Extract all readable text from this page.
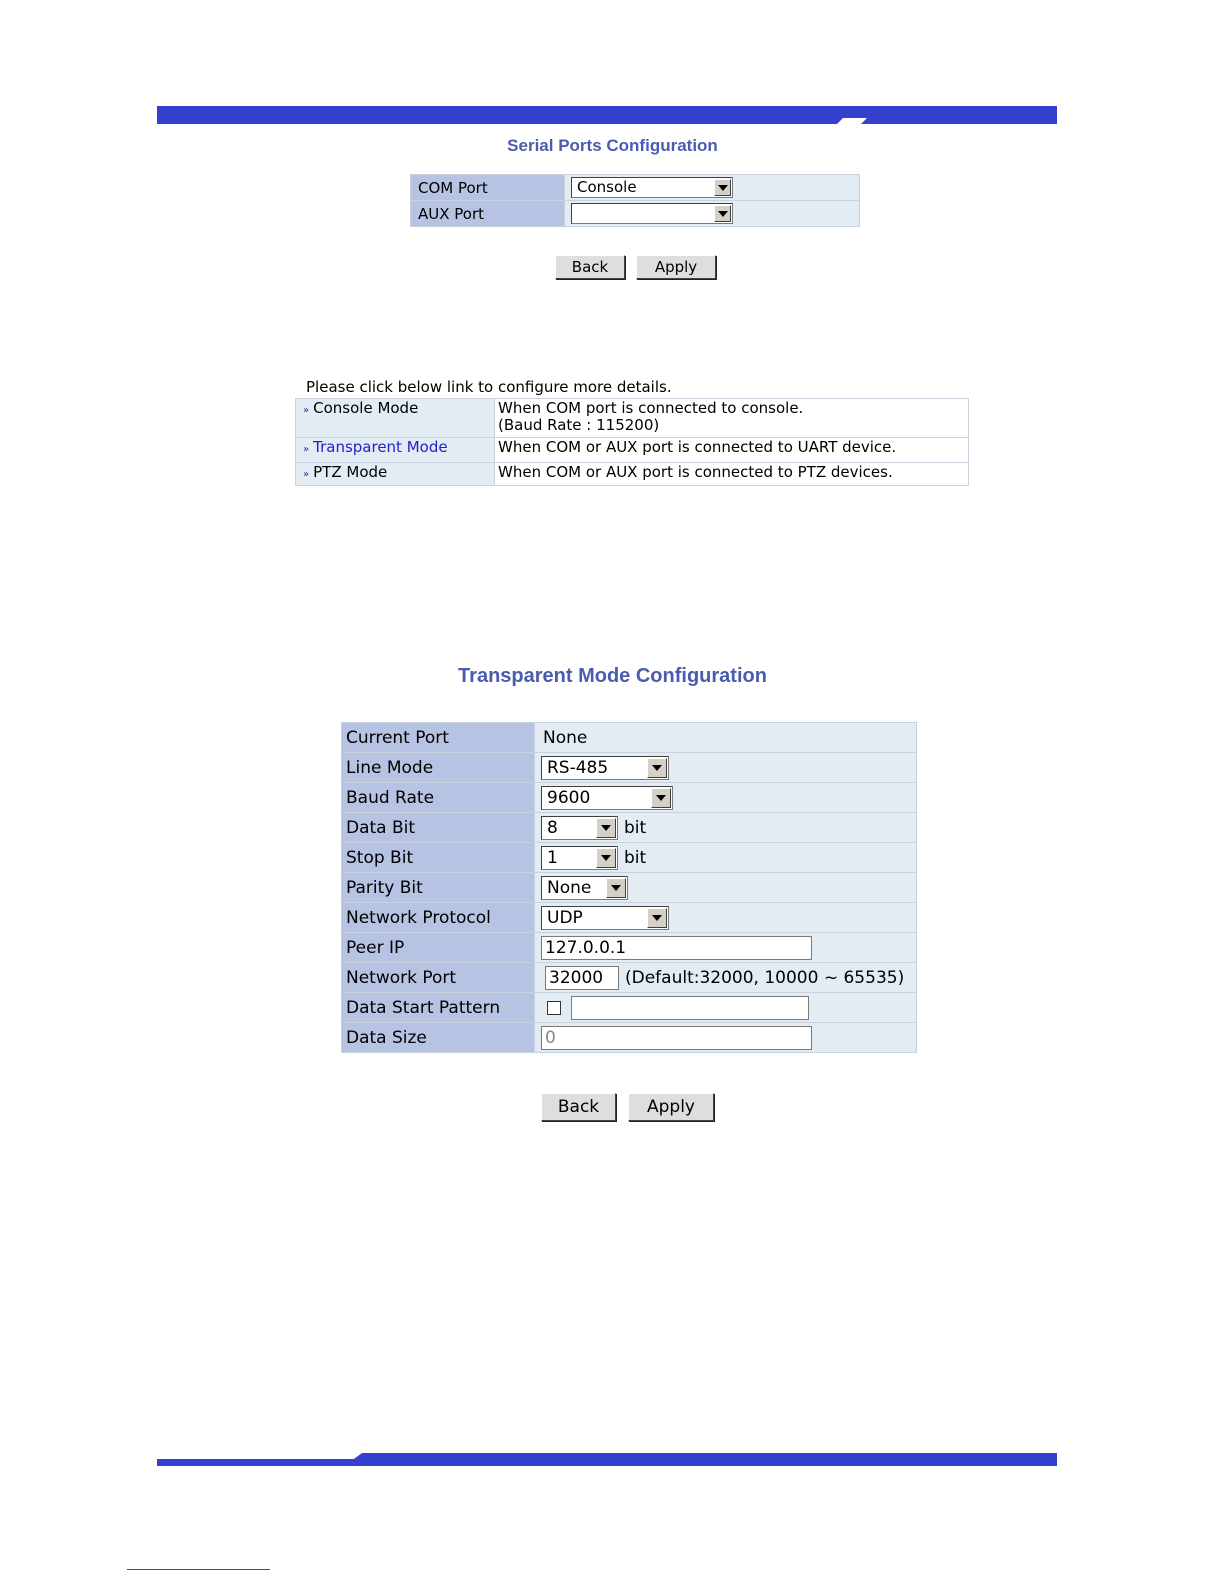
Serial Ports Configuration
COM Port	Console

AUX Port	
Back	Apply
Please click below link to configure more details.
» Console Mode	When COM port is connected to console.
(Baud Rate : 115200)

» Transparent Mode	When COM or AUX port is connected to UART device.
» PTZ Mode	When COM or AUX port is connected to PTZ devices.
Transparent Mode Configuration
Current Port	None
Line Mode	RS-485

Baud Rate	9600

Data Bit	8 bit
Stop Bit	1 bit
Parity Bit	None

Network Protocol	UDP

Peer IP	127.0.0.1
Network Port	32000 (Default:32000, 10000 ~ 65535)
Data Start Pattern	
Data Size	0
Back	Apply
